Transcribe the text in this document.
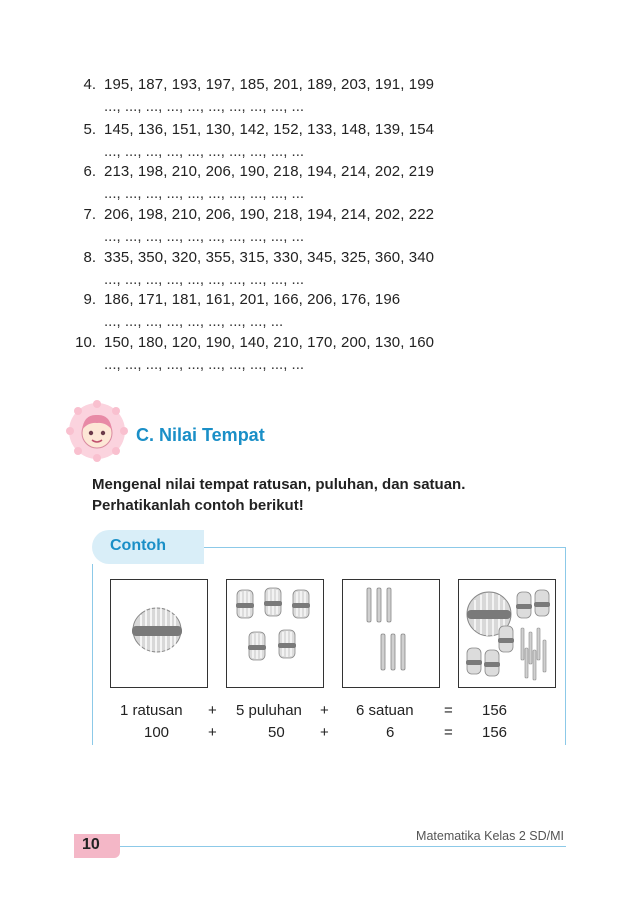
4. 195, 187, 193, 197, 185, 201, 189, 203, 191, 199
..., ..., ..., ..., ..., ..., ..., ..., ..., ...
5. 145, 136, 151, 130, 142, 152, 133, 148, 139, 154
..., ..., ..., ..., ..., ..., ..., ..., ..., ...
6. 213, 198, 210, 206, 190, 218, 194, 214, 202, 219
..., ..., ..., ..., ..., ..., ..., ..., ..., ...
7. 206, 198, 210, 206, 190, 218, 194, 214, 202, 222
..., ..., ..., ..., ..., ..., ..., ..., ..., ...
8. 335, 350, 320, 355, 315, 330, 345, 325, 360, 340
..., ..., ..., ..., ..., ..., ..., ..., ..., ...
9. 186, 171, 181, 161, 201, 166, 206, 176, 196
..., ..., ..., ..., ..., ..., ..., ..., ...
10. 150, 180, 120, 190, 140, 210, 170, 200, 130, 160
..., ..., ..., ..., ..., ..., ..., ..., ..., ...
C. Nilai Tempat
Mengenal nilai tempat ratusan, puluhan, dan satuan.
Perhatikanlah contoh berikut!
Contoh
1 ratusan + 5 puluhan + 6 satuan = 156
100	+	50 +	6	= 156
Matematika Kelas 2 SD/MI
10
